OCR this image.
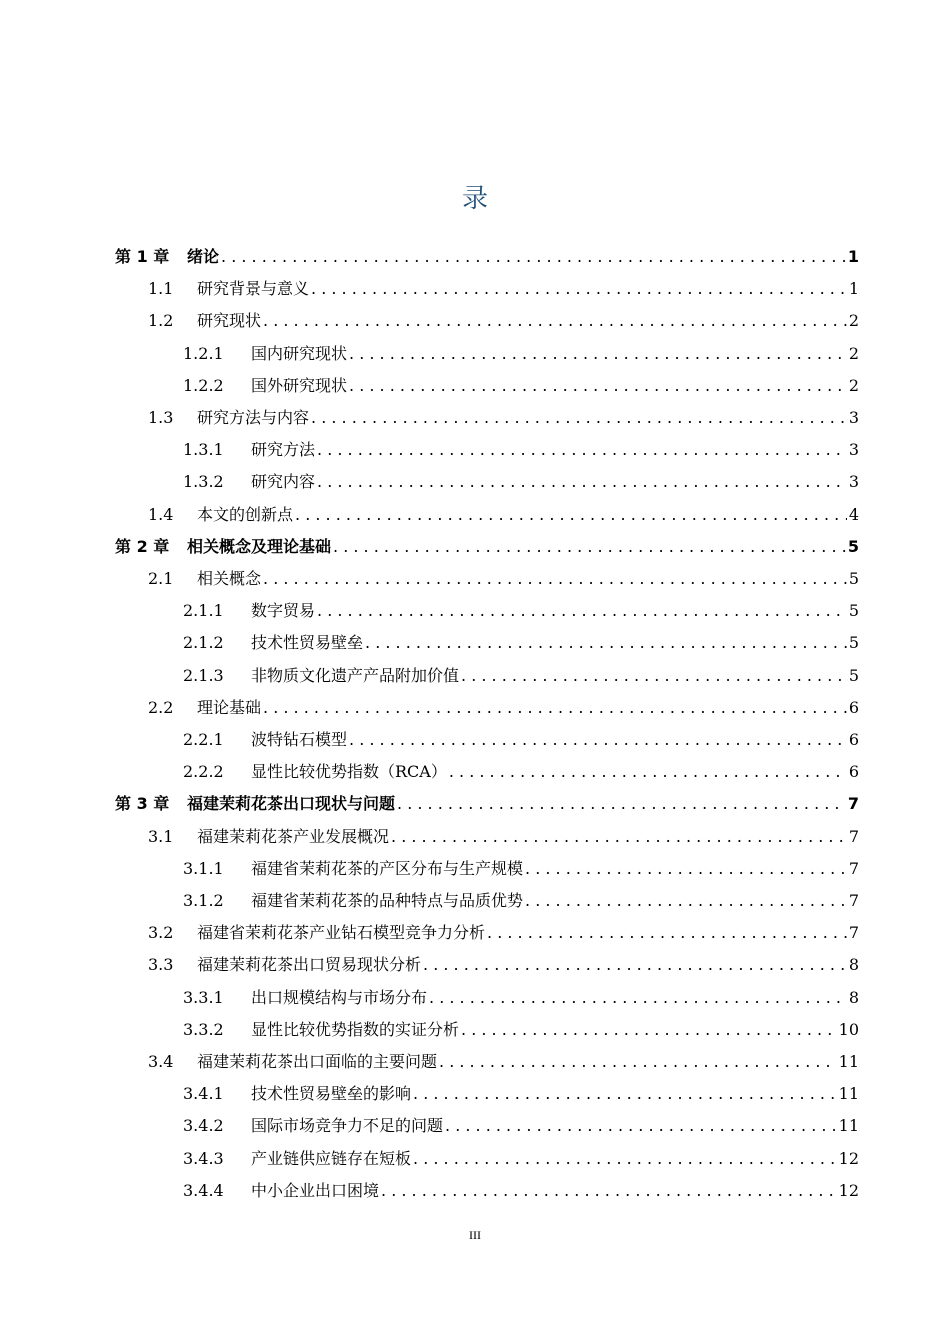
录
第 1 章	绪论 . . .	1
1.1	研究背景与意义 . . .	1
1.2	研究现状 . . .	2
1.2.1	国内研究现状 . . .	2
1.2.2	国外研究现状 . . .	2
1.3	研究方法与内容 . . .	3
1.3.1	研究方法 . . .	3
1.3.2	研究内容 . . .	3
1.4	本文的创新点 . . .	4
第 2 章	相关概念及理论基础 . . .	5
2.1	相关概念 . . .	5
2.1.1	数字贸易 . . .	5
2.1.2	技术性贸易壁垒 . . .	5
2.1.3	非物质文化遗产产品附加价值 . . .	5
2.2	理论基础 . . .	6
2.2.1	波特钻石模型 . . .	6
2.2.2	显性比较优势指数（RCA） . . .	6
第 3 章	福建茉莉花茶出口现状与问题 . . .	7
3.1	福建茉莉花茶产业发展概况 . . .	7
3.1.1	福建省茉莉花茶的产区分布与生产规模 . . .	7
3.1.2	福建省茉莉花茶的品种特点与品质优势 . . .	7
3.2	福建省茉莉花茶产业钻石模型竞争力分析 . . .	7
3.3	福建茉莉花茶出口贸易现状分析 . . .	8
3.3.1	出口规模结构与市场分布 . . .	8
3.3.2	显性比较优势指数的实证分析 . . .	10
3.4	福建茉莉花茶出口面临的主要问题 . . .	11
3.4.1	技术性贸易壁垒的影响 . . .	11
3.4.2	国际市场竞争力不足的问题 . . .	11
3.4.3	产业链供应链存在短板 . . .	12
3.4.4	中小企业出口困境 . . .	12
III
